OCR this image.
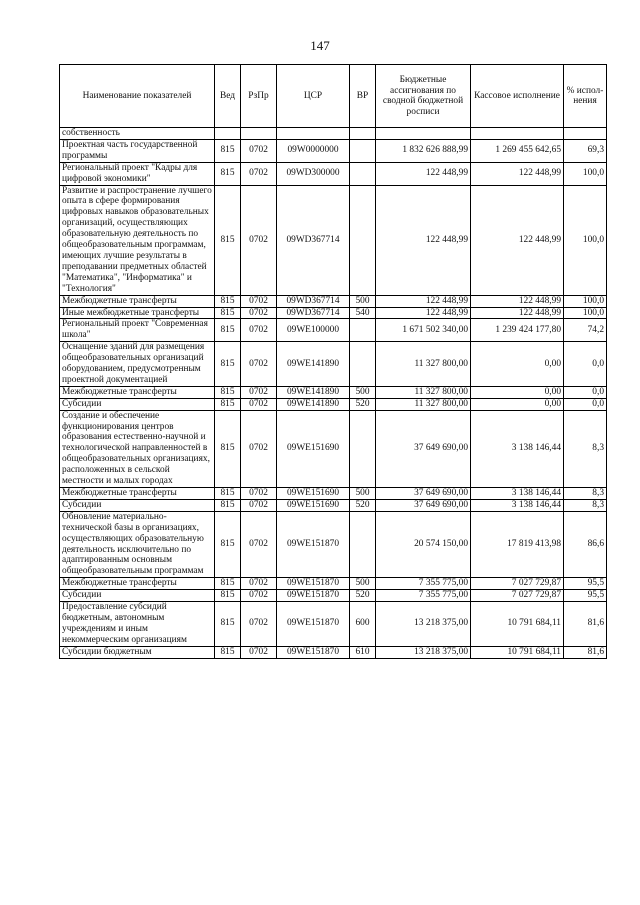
147
Наименование показателей	Вед	РзПр	ЦСР	ВР	Бюджетные ассигнования по сводной бюджетной росписи	Кассовое исполнение	% испол-нения
собственность							
Проектная часть государственной программы	815	0702	09W0000000		1 832 626 888,99	1 269 455 642,65	69,3
Региональный проект "Кадры для цифровой экономики"	815	0702	09WD300000		122 448,99	122 448,99	100,0
Развитие и распространение лучшего опыта в сфере формирования цифровых навыков образовательных организаций, осуществляющих образовательную деятельность по общеобразовательным программам, имеющих лучшие результаты в преподавании предметных областей "Математика", "Информатика" и "Технология"	815	0702	09WD367714		122 448,99	122 448,99	100,0
Межбюджетные трансферты	815	0702	09WD367714	500	122 448,99	122 448,99	100,0
Иные межбюджетные трансферты	815	0702	09WD367714	540	122 448,99	122 448,99	100,0
Региональный проект "Современная школа"	815	0702	09WE100000		1 671 502 340,00	1 239 424 177,80	74,2
Оснащение зданий для размещения общеобразовательных организаций оборудованием, предусмотренным проектной документацией	815	0702	09WE141890		11 327 800,00	0,00	0,0
Межбюджетные трансферты	815	0702	09WE141890	500	11 327 800,00	0,00	0,0
Субсидии	815	0702	09WE141890	520	11 327 800,00	0,00	0,0
Создание и обеспечение функционирования центров образования естественно-научной и технологической направленностей в общеобразовательных организациях, расположенных в сельской местности и малых городах	815	0702	09WE151690		37 649 690,00	3 138 146,44	8,3
Межбюджетные трансферты	815	0702	09WE151690	500	37 649 690,00	3 138 146,44	8,3
Субсидии	815	0702	09WE151690	520	37 649 690,00	3 138 146,44	8,3
Обновление материально-технической базы в организациях, осуществляющих образовательную деятельность исключительно по адаптированным основным общеобразовательным программам	815	0702	09WE151870		20 574 150,00	17 819 413,98	86,6
Межбюджетные трансферты	815	0702	09WE151870	500	7 355 775,00	7 027 729,87	95,5
Субсидии	815	0702	09WE151870	520	7 355 775,00	7 027 729,87	95,5
Предоставление субсидий бюджетным, автономным учреждениям и иным некоммерческим организациям	815	0702	09WE151870	600	13 218 375,00	10 791 684,11	81,6
Субсидии бюджетным	815	0702	09WE151870	610	13 218 375,00	10 791 684,11	81,6
